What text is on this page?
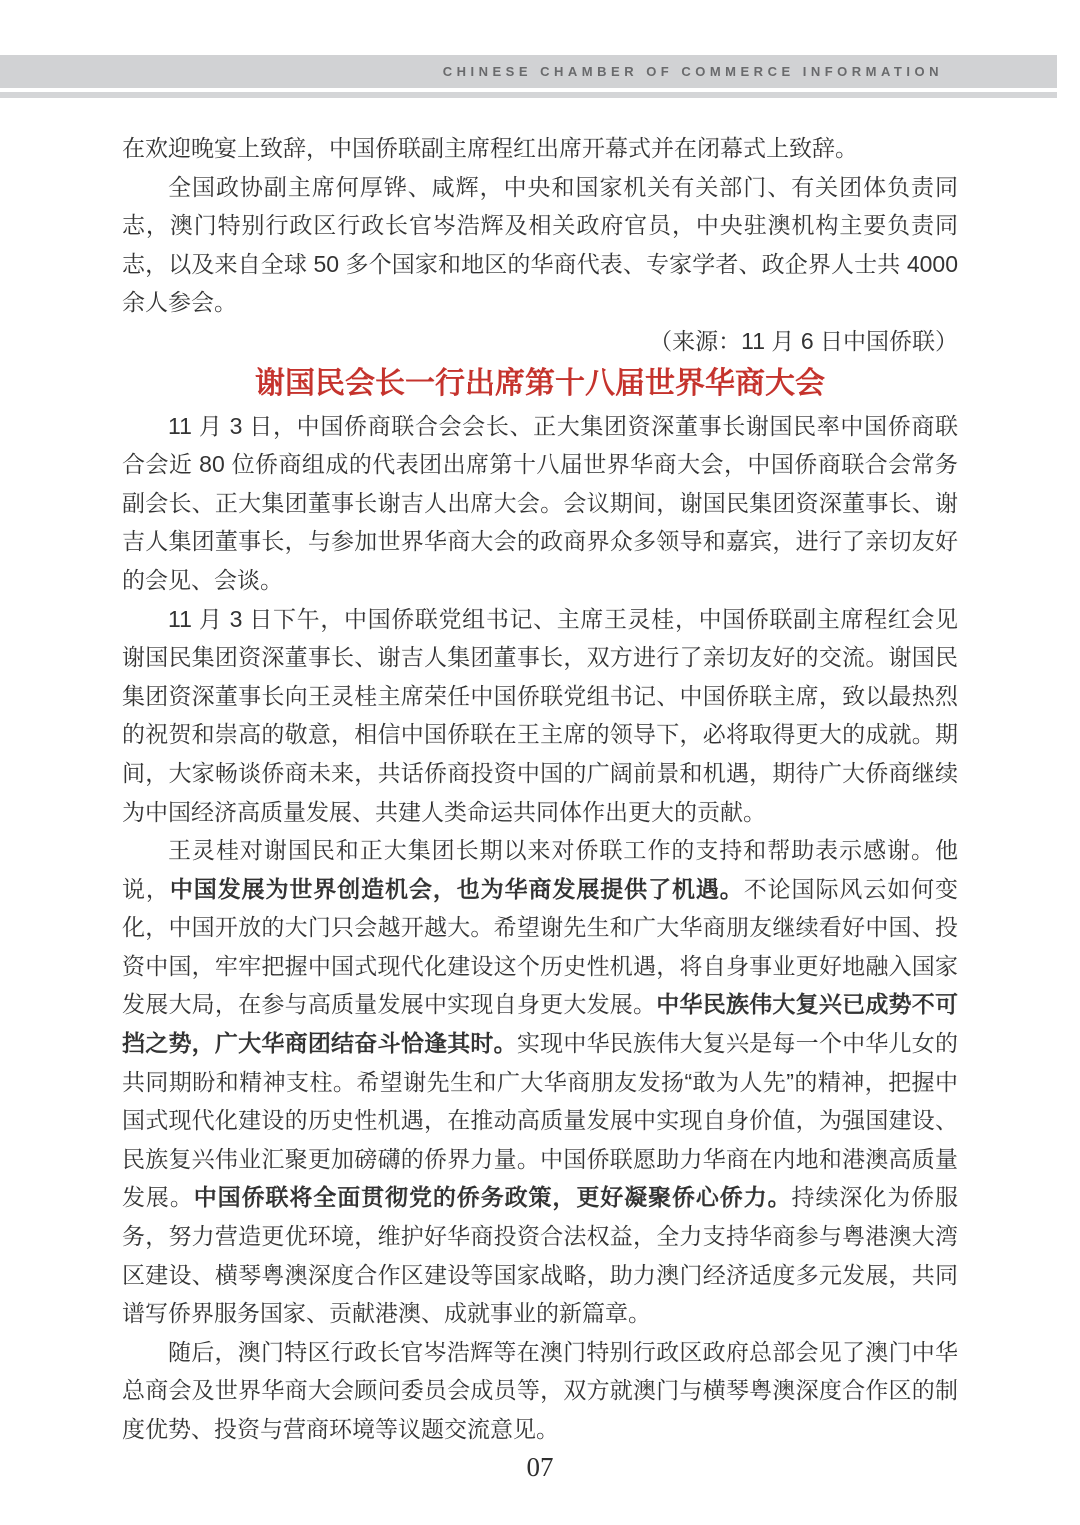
CHINESE CHAMBER OF COMMERCE INFORMATION

在欢迎晚宴上致辞，中国侨联副主席程红出席开幕式并在闭幕式上致辞。

全国政协副主席何厚铧、咸辉，中央和国家机关有关部门、有关团体负责同志，澳门特别行政区行政长官岑浩辉及相关政府官员，中央驻澳机构主要负责同志，以及来自全球 50 多个国家和地区的华商代表、专家学者、政企界人士共 4000 余人参会。

（来源：11 月 6 日中国侨联）

谢国民会长一行出席第十八届世界华商大会

11 月 3 日，中国侨商联合会会长、正大集团资深董事长谢国民率中国侨商联合会近 80 位侨商组成的代表团出席第十八届世界华商大会，中国侨商联合会常务副会长、正大集团董事长谢吉人出席大会。会议期间，谢国民集团资深董事长、谢吉人集团董事长，与参加世界华商大会的政商界众多领导和嘉宾，进行了亲切友好的会见、会谈。

11 月 3 日下午，中国侨联党组书记、主席王灵桂，中国侨联副主席程红会见谢国民集团资深董事长、谢吉人集团董事长，双方进行了亲切友好的交流。谢国民集团资深董事长向王灵桂主席荣任中国侨联党组书记、中国侨联主席，致以最热烈的祝贺和崇高的敬意，相信中国侨联在王主席的领导下，必将取得更大的成就。期间，大家畅谈侨商未来，共话侨商投资中国的广阔前景和机遇，期待广大侨商继续为中国经济高质量发展、共建人类命运共同体作出更大的贡献。

王灵桂对谢国民和正大集团长期以来对侨联工作的支持和帮助表示感谢。他说，中国发展为世界创造机会，也为华商发展提供了机遇。不论国际风云如何变化，中国开放的大门只会越开越大。希望谢先生和广大华商朋友继续看好中国、投资中国，牢牢把握中国式现代化建设这个历史性机遇，将自身事业更好地融入国家发展大局，在参与高质量发展中实现自身更大发展。中华民族伟大复兴已成势不可挡之势，广大华商团结奋斗恰逢其时。实现中华民族伟大复兴是每一个中华儿女的共同期盼和精神支柱。希望谢先生和广大华商朋友发扬“敢为人先”的精神，把握中国式现代化建设的历史性机遇，在推动高质量发展中实现自身价值，为强国建设、民族复兴伟业汇聚更加磅礴的侨界力量。中国侨联愿助力华商在内地和港澳高质量发展。中国侨联将全面贯彻党的侨务政策，更好凝聚侨心侨力。持续深化为侨服务，努力营造更优环境，维护好华商投资合法权益，全力支持华商参与粤港澳大湾区建设、横琴粤澳深度合作区建设等国家战略，助力澳门经济适度多元发展，共同谱写侨界服务国家、贡献港澳、成就事业的新篇章。

随后，澳门特区行政长官岑浩辉等在澳门特别行政区政府总部会见了澳门中华总商会及世界华商大会顾问委员会成员等，双方就澳门与横琴粤澳深度合作区的制度优势、投资与营商环境等议题交流意见。

07
